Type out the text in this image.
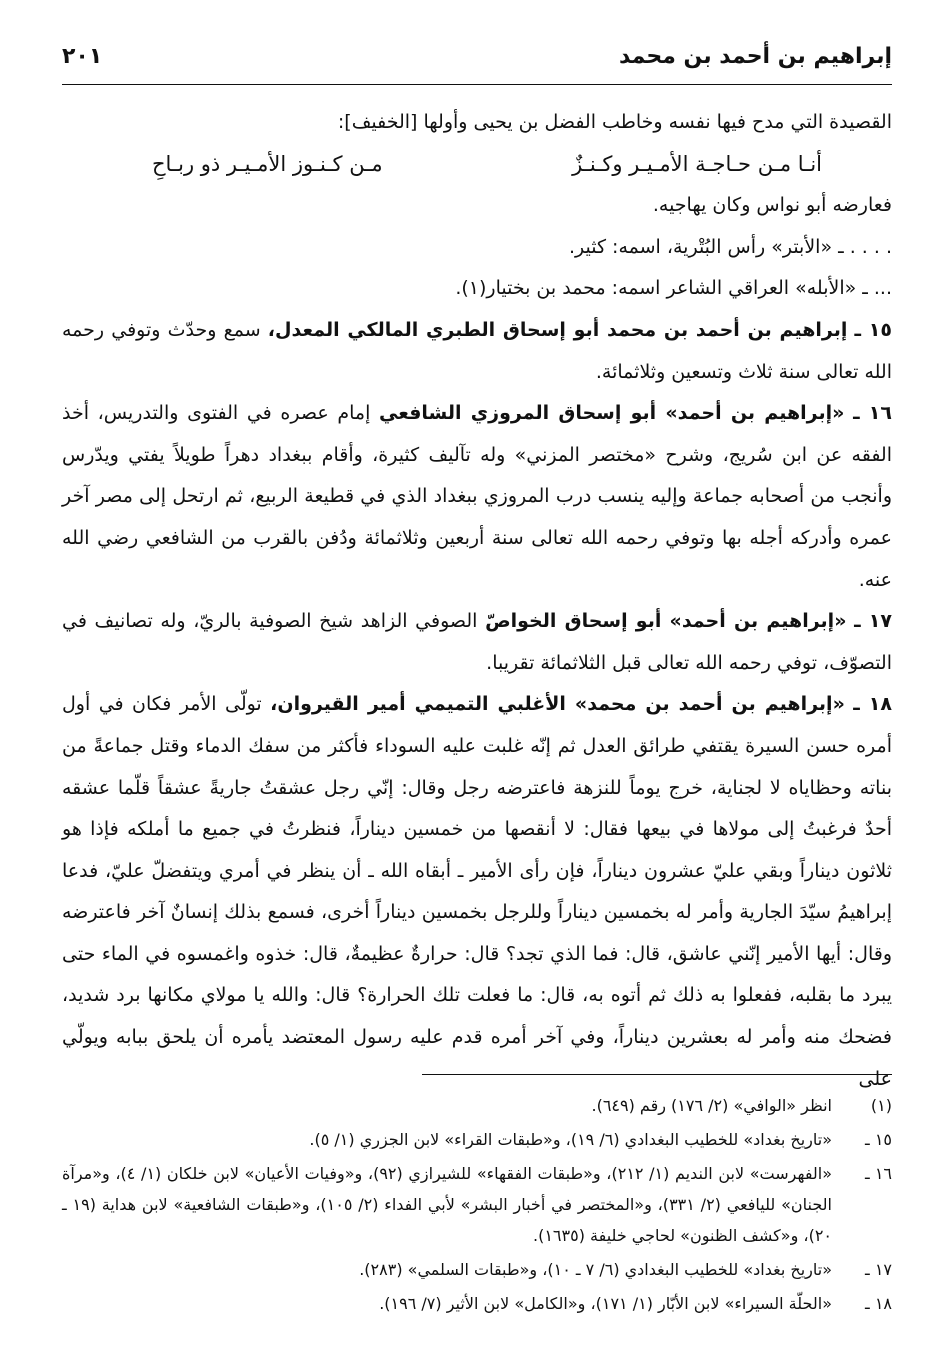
إبراهيم بن أحمد بن محمد
٢٠١

القصيدة التي مدح فيها نفسه وخاطب الفضل بن يحيى وأولها [الخفيف]:

أنـا مـن حـاجـة الأمـيـر وكـنـزٌ
مـن كـنـوز الأمـيـر ذو ربـاحِ

فعارضه أبو نواس وكان يهاجيه.

. . . . ـ «الأبتر» رأس البُتْرية، اسمه: كثير.

... ـ «الأبله» العراقي الشاعر اسمه: محمد بن بختيار(١).

١٥ ـ إبراهيم بن أحمد بن محمد أبو إسحاق الطبري المالكي المعدل، سمع وحدّث وتوفي رحمه الله تعالى سنة ثلاث وتسعين وثلاثمائة.

١٦ ـ «إبراهيم بن أحمد» أبو إسحاق المروزي الشافعي إمام عصره في الفتوى والتدريس، أخذ الفقه عن ابن سُريج، وشرح «مختصر المزني» وله تآليف كثيرة، وأقام ببغداد دهراً طويلاً يفتي ويدّرس وأنجب من أصحابه جماعة وإليه ينسب درب المروزي ببغداد الذي في قطيعة الربيع، ثم ارتحل إلى مصر آخر عمره وأدركه أجله بها وتوفي رحمه الله تعالى سنة أربعين وثلاثمائة ودُفن بالقرب من الشافعي رضي الله عنه.

١٧ ـ «إبراهيم بن أحمد» أبو إسحاق الخواصّ الصوفي الزاهد شيخ الصوفية بالريّ، وله تصانيف في التصوّف، توفي رحمه الله تعالى قبل الثلاثمائة تقريبا.

١٨ ـ «إبراهيم بن أحمد بن محمد» الأغلبي التميمي أمير القيروان، تولّى الأمر فكان في أول أمره حسن السيرة يقتفي طرائق العدل ثم إنّه غلبت عليه السوداء فأكثر من سفك الدماء وقتل جماعةً من بناته وحظاياه لا لجناية، خرج يوماً للنزهة فاعترضه رجل وقال: إنّي رجل عشقتُ جاريةً عشقاً قلّما عشقه أحدٌ فرغبتُ إلى مولاها في بيعها فقال: لا أنقصها من خمسين ديناراً، فنظرتُ في جميع ما أملكه فإذا هو ثلاثون ديناراً وبقي عليّ عشرون ديناراً، فإن رأى الأمير ـ أبقاه الله ـ أن ينظر في أمري ويتفضلّ عليّ، فدعا إبراهيمُ سيّدَ الجارية وأمر له بخمسين ديناراً وللرجل بخمسين ديناراً أخرى، فسمع بذلك إنسانٌ آخر فاعترضه وقال: أيها الأمير إنّني عاشق، قال: فما الذي تجد؟ قال: حرارةٌ عظيمةٌ، قال: خذوه واغمسوه في الماء حتى يبرد ما بقلبه، ففعلوا به ذلك ثم أتوه به، قال: ما فعلت تلك الحرارة؟ قال: والله يا مولاي مكانها برد شديد، فضحك منه وأمر له بعشرين ديناراً، وفي آخر أمره قدم عليه رسول المعتضد يأمره أن يلحق ببابه ويولّي على

(١)
انظر «الوافي» (٢/ ١٧٦) رقم (٦٤٩).

١٥ ـ
«تاريخ بغداد» للخطيب البغدادي (٦/ ١٩)، و«طبقات القراء» لابن الجزري (١/ ٥).

١٦ ـ
«الفهرست» لابن النديم (١/ ٢١٢)، و«طبقات الفقهاء» للشيرازي (٩٢)، و«وفيات الأعيان» لابن خلكان (١/ ٤)، و«مرآة الجنان» لليافعي (٢/ ٣٣١)، و«المختصر في أخبار البشر» لأبي الفداء (٢/ ١٠٥)، و«طبقات الشافعية» لابن هداية (١٩ ـ ٢٠)، و«كشف الظنون» لحاجي خليفة (١٦٣٥).

١٧ ـ
«تاريخ بغداد» للخطيب البغدادي (٦/ ٧ ـ ١٠)، و«طبقات السلمي» (٢٨٣).

١٨ ـ
«الحلّة السيراء» لابن الأبّار (١/ ١٧١)، و«الكامل» لابن الأثير (٧/ ١٩٦).
